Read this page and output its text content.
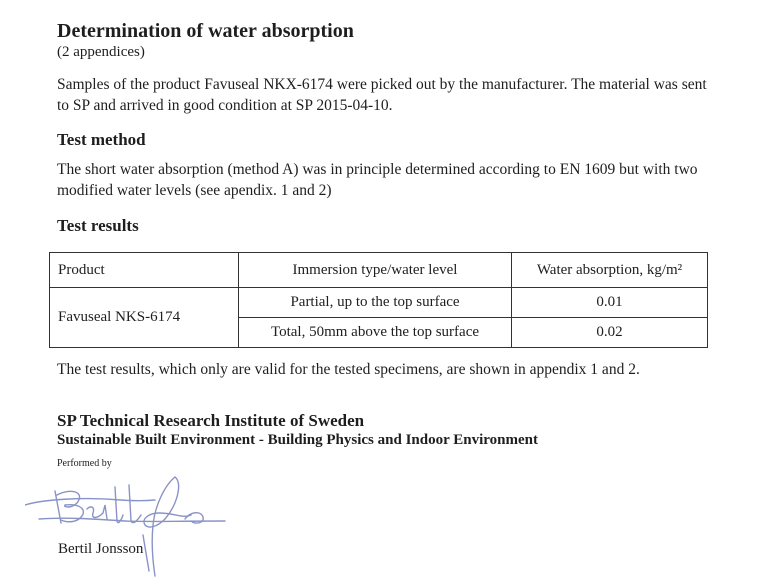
Determination of water absorption
(2 appendices)
Samples of the product Favuseal NKX-6174 were picked out by the manufacturer. The material was sent to SP and arrived in good condition at SP 2015-04-10.
Test method
The short water absorption (method A) was in principle determined according to EN 1609 but with two modified water levels (see apendix. 1 and 2)
Test results
Product	Immersion type/water level	Water absorption, kg/m²
Favuseal NKS-6174	Partial, up to the top surface	0.01
	Total, 50mm above the top surface	0.02
The test results, which only are valid for the tested specimens, are shown in appendix 1 and 2.
SP Technical Research Institute of Sweden
Sustainable Built Environment - Building Physics and Indoor Environment
Performed by
Bertil Jonsson
